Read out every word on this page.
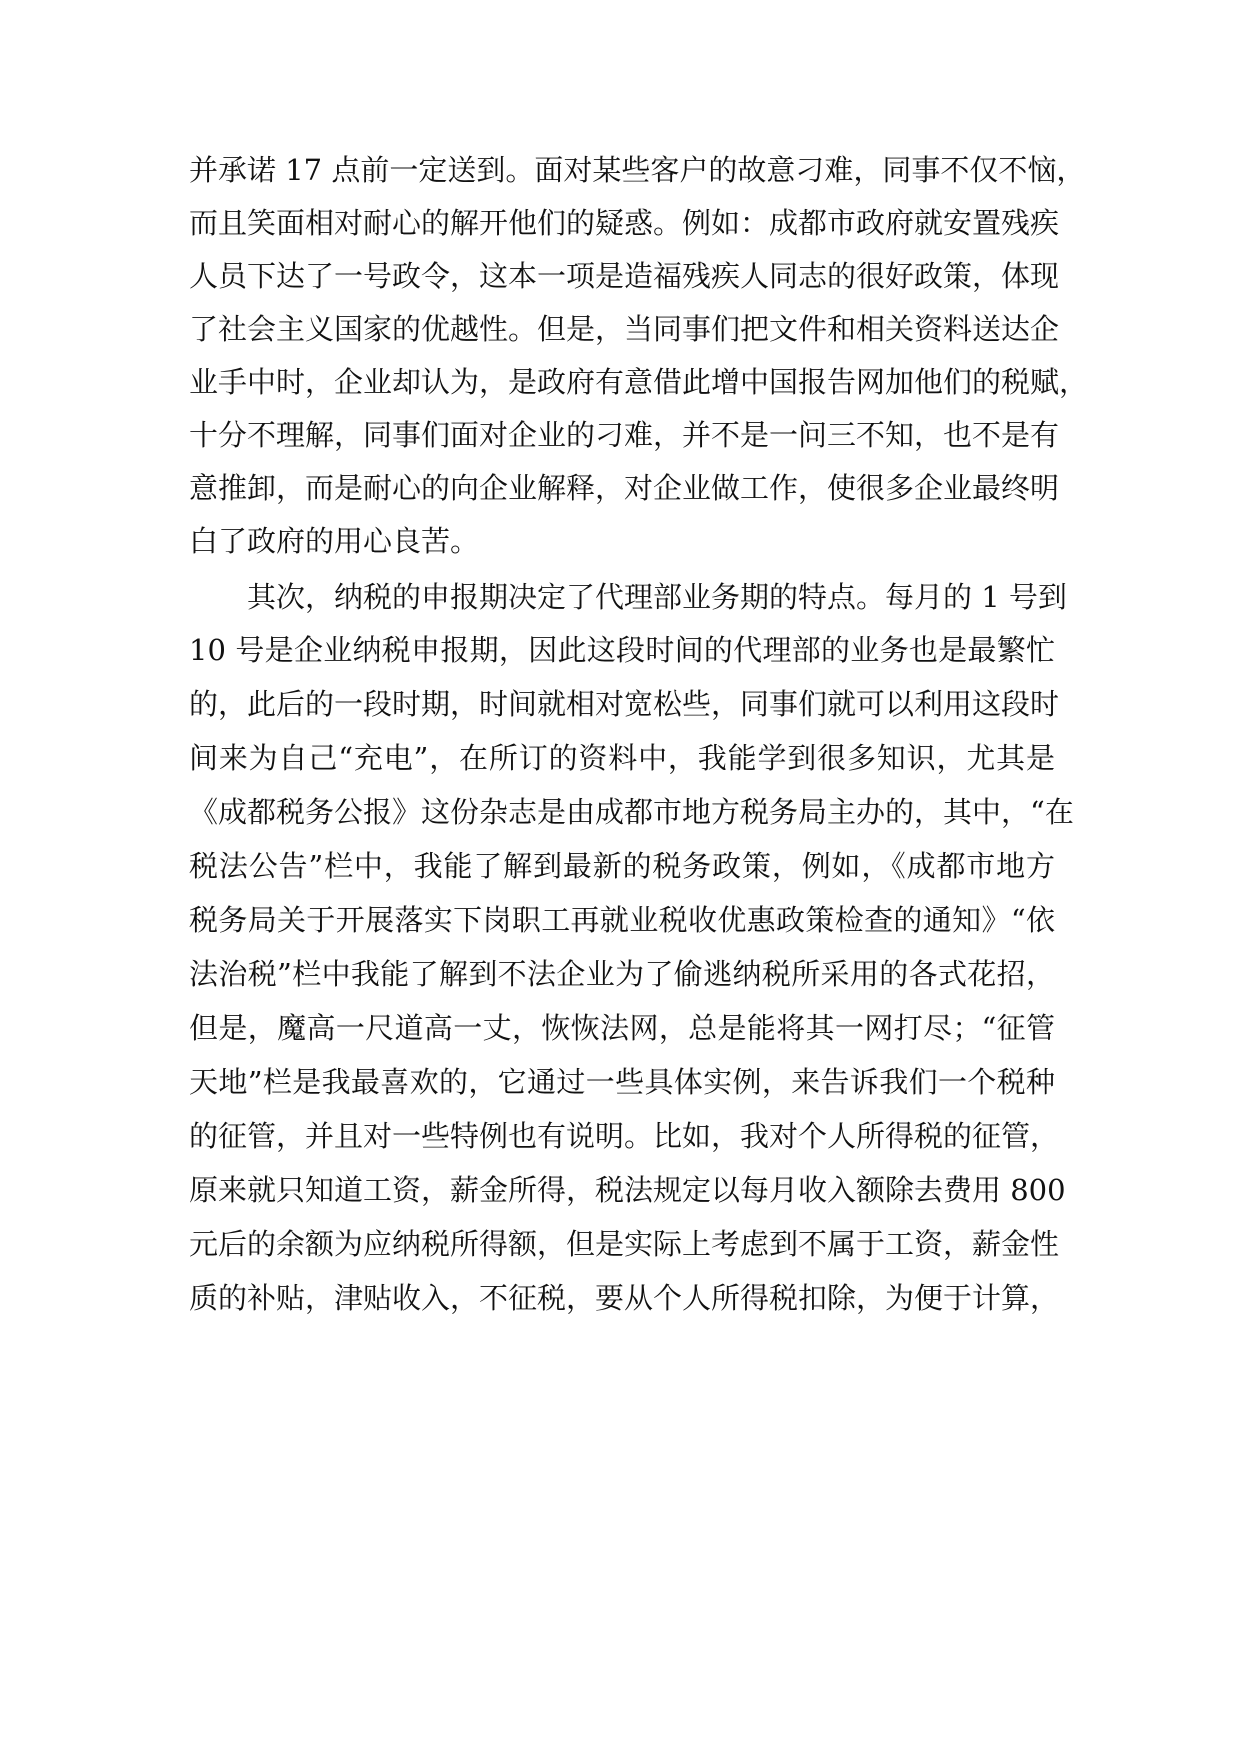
并承诺 17 点前一定送到。面对某些客户的故意刁难，同事不仅不恼，

而且笑面相对耐心的解开他们的疑惑。例如：成都市政府就安置残疾

人员下达了一号政令，这本一项是造福残疾人同志的很好政策，体现

了社会主义国家的优越性。但是，当同事们把文件和相关资料送达企

业手中时，企业却认为，是政府有意借此增中国报告网加他们的税赋，

十分不理解，同事们面对企业的刁难，并不是一问三不知，也不是有

意推卸，而是耐心的向企业解释，对企业做工作，使很多企业最终明

白了政府的用心良苦。

其次，纳税的申报期决定了代理部业务期的特点。每月的 1 号到

10 号是企业纳税申报期，因此这段时间的代理部的业务也是最繁忙

的，此后的一段时期，时间就相对宽松些，同事们就可以利用这段时

间来为自己“充电”，在所订的资料中，我能学到很多知识，尤其是

《成都税务公报》这份杂志是由成都市地方税务局主办的，其中，“在

税法公告”栏中，我能了解到最新的税务政策，例如，《成都市地方

税务局关于开展落实下岗职工再就业税收优惠政策检查的通知》“依

法治税”栏中我能了解到不法企业为了偷逃纳税所采用的各式花招，

但是，魔高一尺道高一丈，恢恢法网，总是能将其一网打尽；“征管

天地”栏是我最喜欢的，它通过一些具体实例，来告诉我们一个税种

的征管，并且对一些特例也有说明。比如，我对个人所得税的征管，

原来就只知道工资，薪金所得，税法规定以每月收入额除去费用 800

元后的余额为应纳税所得额，但是实际上考虑到不属于工资，薪金性

质的补贴，津贴收入，不征税，要从个人所得税扣除，为便于计算，
